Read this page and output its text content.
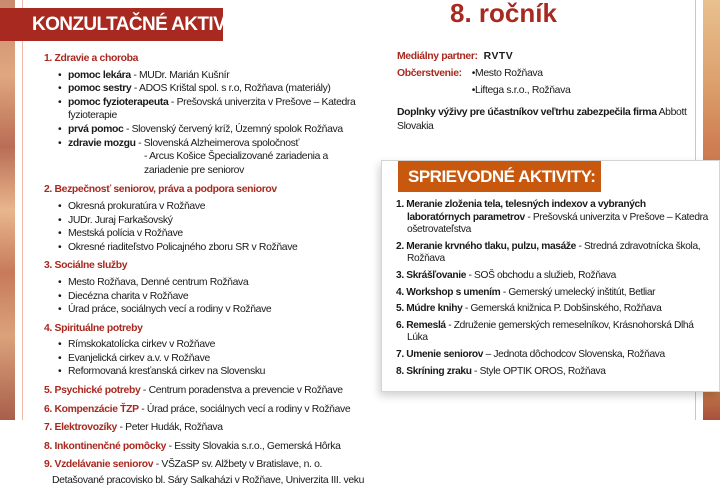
KONZULTAČNÉ AKTIVITY:	8. ročník
1. Zdravie a choroba
• pomoc lekára - MUDr. Marián Kušnír
• pomoc sestry - ADOS Krištal spol. s r.o, Rožňava (materiály)
• pomoc fyzioterapeuta - Prešovská univerzita v Prešove – Katedra fyzioterapie
• prvá pomoc - Slovenský červený kríž, Územný spolok Rožňava
• zdravie mozgu - Slovenská Alzheimerova spoločnosť
- Arcus Košice Špecializované zariadenia a zariadenie pre seniorov
2. Bezpečnosť seniorov, práva a podpora seniorov
• Okresná prokuratúra v Rožňave
• JUDr. Juraj Farkašovský
• Mestská polícia v Rožňave
• Okresné riaditeľstvo Policajného zboru SR v Rožňave
3. Sociálne služby
• Mesto Rožňava, Denné centrum Rožňava
• Diecézna charita v Rožňave
• Úrad práce, sociálnych vecí a rodiny v Rožňave
4. Spirituálne potreby
• Rímskokatolícka cirkev v Rožňave
• Evanjelická cirkev a.v. v Rožňave
• Reformovaná kresťanská cirkev na Slovensku
5. Psychické potreby - Centrum poradenstva a prevencie v Rožňave
6. Kompenzácie ŤZP - Úrad práce, sociálnych vecí a rodiny v Rožňave
7. Elektrovozíky - Peter Hudák, Rožňava
8. Inkontinenčné pomôcky - Essity Slovakia s.r.o., Gemerská Hôrka
9. Vzdelávanie seniorov - VŠZaSP sv. Alžbety v Bratislave, n. o.
Detašované pracovisko bl. Sáry Salkaházi v Rožňave, Univerzita III. veku
Mediálny partner: RVTV
Občerstvenie:	• Mesto Rožňava
• Liftega s.r.o., Rožňava
Doplnky výživy pre účastníkov veľtrhu zabezpečila firma Abbott Slovakia
SPRIEVODNÉ AKTIVITY:
1. Meranie zloženia tela, telesných indexov a vybraných laboratórnych parametrov - Prešovská univerzita v Prešove – Katedra ošetrovateľstva
2. Meranie krvného tlaku, pulzu, masáže - Stredná zdravotnícka škola, Rožňava
3. Skrášľovanie - SOŠ obchodu a služieb, Rožňava
4. Workshop s umením - Gemerský umelecký inštitút, Betliar
5. Múdre knihy - Gemerská knižnica P. Dobšinského, Rožňava
6. Remeslá - Združenie gemerských remeselníkov, Krásnohorská Dlhá Lúka
7. Umenie seniorov – Jednota dôchodcov Slovenska, Rožňava
8. Skríning zraku - Style OPTIK OROS, Rožňava
